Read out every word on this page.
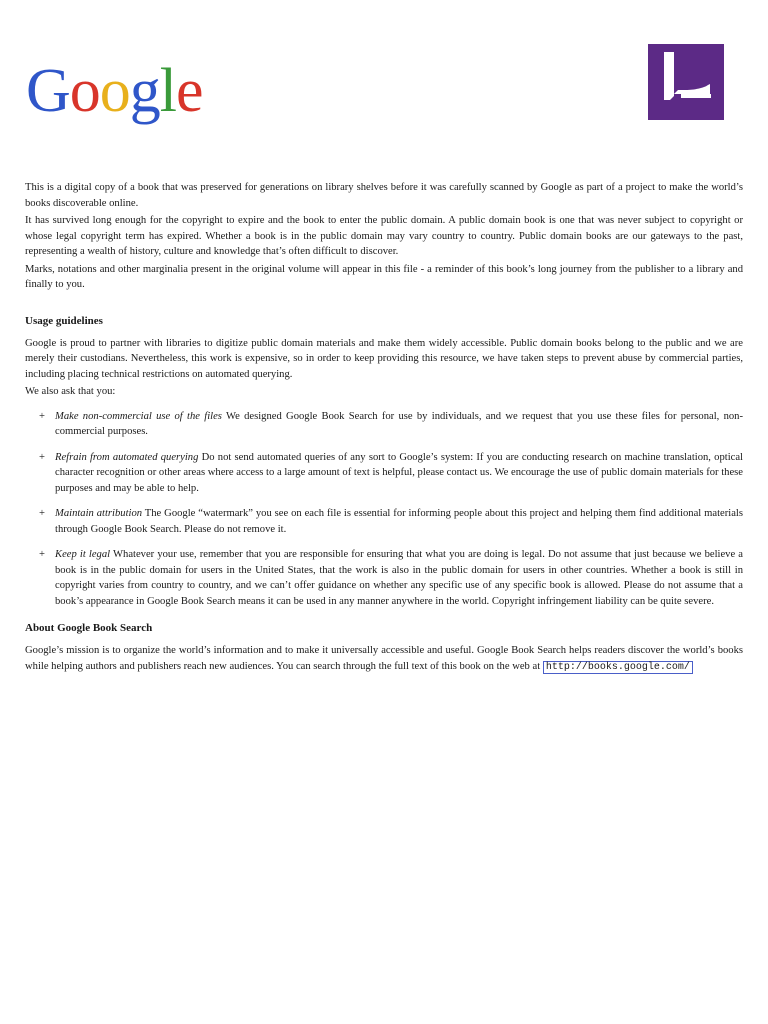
Google

This is a digital copy of a book that was preserved for generations on library shelves before it was carefully scanned by Google as part of a project to make the world’s books discoverable online.

It has survived long enough for the copyright to expire and the book to enter the public domain. A public domain book is one that was never subject to copyright or whose legal copyright term has expired. Whether a book is in the public domain may vary country to country. Public domain books are our gateways to the past, representing a wealth of history, culture and knowledge that’s often difficult to discover.

Marks, notations and other marginalia present in the original volume will appear in this file - a reminder of this book’s long journey from the publisher to a library and finally to you.

Usage guidelines

Google is proud to partner with libraries to digitize public domain materials and make them widely accessible. Public domain books belong to the public and we are merely their custodians. Nevertheless, this work is expensive, so in order to keep providing this resource, we have taken steps to prevent abuse by commercial parties, including placing technical restrictions on automated querying.

We also ask that you:

+ Make non-commercial use of the files We designed Google Book Search for use by individuals, and we request that you use these files for personal, non-commercial purposes.
+ Refrain from automated querying Do not send automated queries of any sort to Google’s system: If you are conducting research on machine translation, optical character recognition or other areas where access to a large amount of text is helpful, please contact us. We encourage the use of public domain materials for these purposes and may be able to help.
+ Maintain attribution The Google “watermark” you see on each file is essential for informing people about this project and helping them find additional materials through Google Book Search. Please do not remove it.
+ Keep it legal Whatever your use, remember that you are responsible for ensuring that what you are doing is legal. Do not assume that just because we believe a book is in the public domain for users in the United States, that the work is also in the public domain for users in other countries. Whether a book is still in copyright varies from country to country, and we can’t offer guidance on whether any specific use of any specific book is allowed. Please do not assume that a book’s appearance in Google Book Search means it can be used in any manner anywhere in the world. Copyright infringement liability can be quite severe.
About Google Book Search

Google’s mission is to organize the world’s information and to make it universally accessible and useful. Google Book Search helps readers discover the world’s books while helping authors and publishers reach new audiences. You can search through the full text of this book on the web at http://books.google.com/
